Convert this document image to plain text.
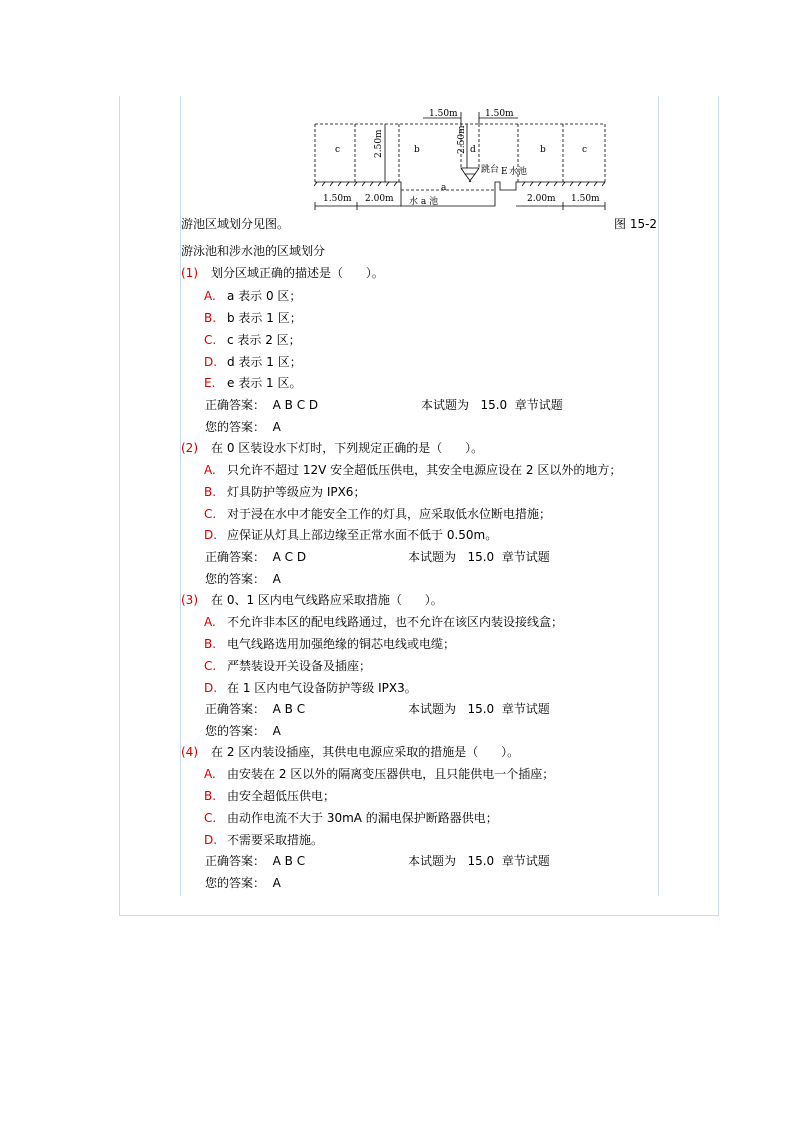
1.50m	1.50m
2.50m	2.50m
c	b	d	b	c
a
E
跳台 水池
水 a 池
1.50m 2.00m	2.00m 1.50m
游池区域划分见图。	图 15-2
游泳池和涉水池的区域划分
(1) 划分区域正确的描述是（      ）。
A. a 表示 0 区；
B. b 表示 1 区；
C. c 表示 2 区；
D. d 表示 1 区；
E. e 表示 1 区。
正确答案：  A B C D	本试题为   15.0  章节试题
您的答案：  A
(2) 在 0 区装设水下灯时，下列规定正确的是（      ）。
A. 只允许不超过 12V 安全超低压供电，其安全电源应设在 2 区以外的地方；
B. 灯具防护等级应为 IPX6；
C. 对于浸在水中才能安全工作的灯具，应采取低水位断电措施；
D. 应保证从灯具上部边缘至正常水面不低于 0.50m。
正确答案：  A C D	本试题为   15.0  章节试题
您的答案：  A
(3) 在 0、1 区内电气线路应采取措施（      ）。
A. 不允许非本区的配电线路通过，也不允许在该区内装设接线盒；
B. 电气线路选用加强绝缘的铜芯电线或电缆；
C. 严禁装设开关设备及插座；
D. 在 1 区内电气设备防护等级 IPX3。
正确答案：  A B C	本试题为   15.0  章节试题
您的答案：  A
(4) 在 2 区内装设插座，其供电电源应采取的措施是（      ）。
A. 由安装在 2 区以外的隔离变压器供电，且只能供电一个插座；
B. 由安全超低压供电；
C. 由动作电流不大于 30mA 的漏电保护断路器供电；
D. 不需要采取措施。
正确答案：  A B C	本试题为   15.0  章节试题
您的答案：  A
